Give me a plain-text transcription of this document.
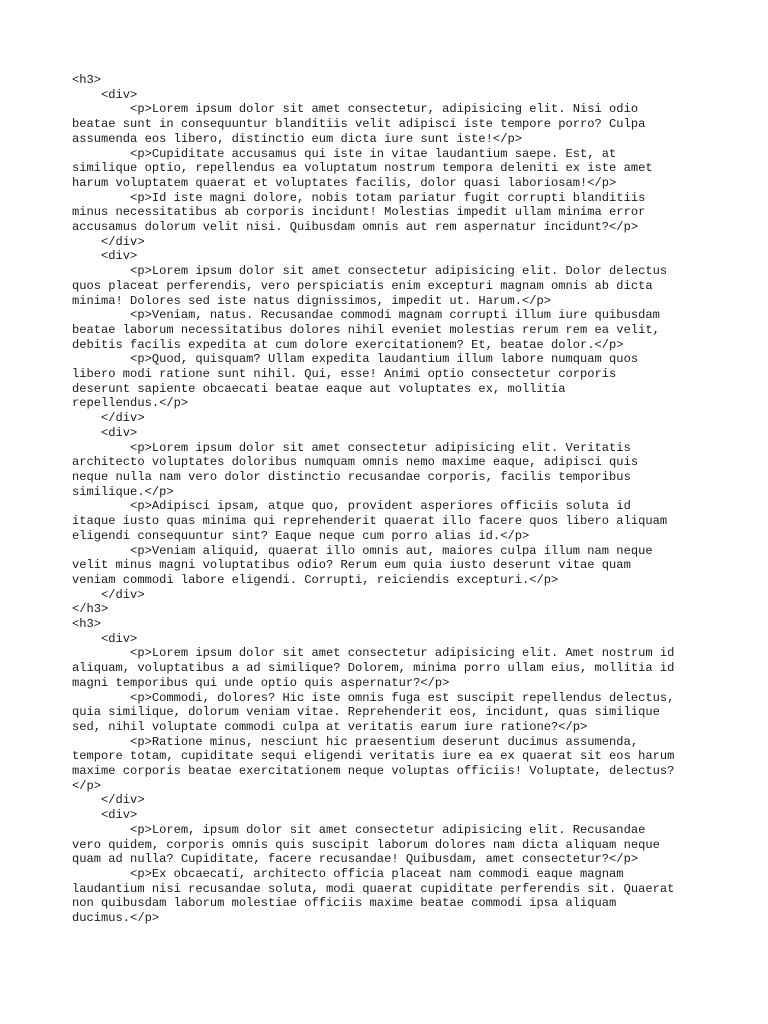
<h3>
<div>
<p>Lorem ipsum dolor sit amet consectetur, adipisicing elit. Nisi odio
beatae sunt in consequuntur blanditiis velit adipisci iste tempore porro? Culpa
assumenda eos libero, distinctio eum dicta iure sunt iste!</p>
<p>Cupiditate accusamus qui iste in vitae laudantium saepe. Est, at
similique optio, repellendus ea voluptatum nostrum tempora deleniti ex iste amet
harum voluptatem quaerat et voluptates facilis, dolor quasi laboriosam!</p>
<p>Id iste magni dolore, nobis totam pariatur fugit corrupti blanditiis
minus necessitatibus ab corporis incidunt! Molestias impedit ullam minima error
accusamus dolorum velit nisi. Quibusdam omnis aut rem aspernatur incidunt?</p>
</div>
<div>
<p>Lorem ipsum dolor sit amet consectetur adipisicing elit. Dolor delectus
quos placeat perferendis, vero perspiciatis enim excepturi magnam omnis ab dicta
minima! Dolores sed iste natus dignissimos, impedit ut. Harum.</p>
<p>Veniam, natus. Recusandae commodi magnam corrupti illum iure quibusdam
beatae laborum necessitatibus dolores nihil eveniet molestias rerum rem ea velit,
debitis facilis expedita at cum dolore exercitationem? Et, beatae dolor.</p>
<p>Quod, quisquam? Ullam expedita laudantium illum labore numquam quos
libero modi ratione sunt nihil. Qui, esse! Animi optio consectetur corporis
deserunt sapiente obcaecati beatae eaque aut voluptates ex, mollitia
repellendus.</p>
</div>
<div>
<p>Lorem ipsum dolor sit amet consectetur adipisicing elit. Veritatis
architecto voluptates doloribus numquam omnis nemo maxime eaque, adipisci quis
neque nulla nam vero dolor distinctio recusandae corporis, facilis temporibus
similique.</p>
<p>Adipisci ipsam, atque quo, provident asperiores officiis soluta id
itaque iusto quas minima qui reprehenderit quaerat illo facere quos libero aliquam
eligendi consequuntur sint? Eaque neque cum porro alias id.</p>
<p>Veniam aliquid, quaerat illo omnis aut, maiores culpa illum nam neque
velit minus magni voluptatibus odio? Rerum eum quia iusto deserunt vitae quam
veniam commodi labore eligendi. Corrupti, reiciendis excepturi.</p>
</div>
</h3>
<h3>
<div>
<p>Lorem ipsum dolor sit amet consectetur adipisicing elit. Amet nostrum id
aliquam, voluptatibus a ad similique? Dolorem, minima porro ullam eius, mollitia id
magni temporibus qui unde optio quis aspernatur?</p>
<p>Commodi, dolores? Hic iste omnis fuga est suscipit repellendus delectus,
quia similique, dolorum veniam vitae. Reprehenderit eos, incidunt, quas similique
sed, nihil voluptate commodi culpa at veritatis earum iure ratione?</p>
<p>Ratione minus, nesciunt hic praesentium deserunt ducimus assumenda,
tempore totam, cupiditate sequi eligendi veritatis iure ea ex quaerat sit eos harum
maxime corporis beatae exercitationem neque voluptas officiis! Voluptate, delectus?
</p>
</div>
<div>
<p>Lorem, ipsum dolor sit amet consectetur adipisicing elit. Recusandae
vero quidem, corporis omnis quis suscipit laborum dolores nam dicta aliquam neque
quam ad nulla? Cupiditate, facere recusandae! Quibusdam, amet consectetur?</p>
<p>Ex obcaecati, architecto officia placeat nam commodi eaque magnam
laudantium nisi recusandae soluta, modi quaerat cupiditate perferendis sit. Quaerat
non quibusdam laborum molestiae officiis maxime beatae commodi ipsa aliquam
ducimus.</p>
